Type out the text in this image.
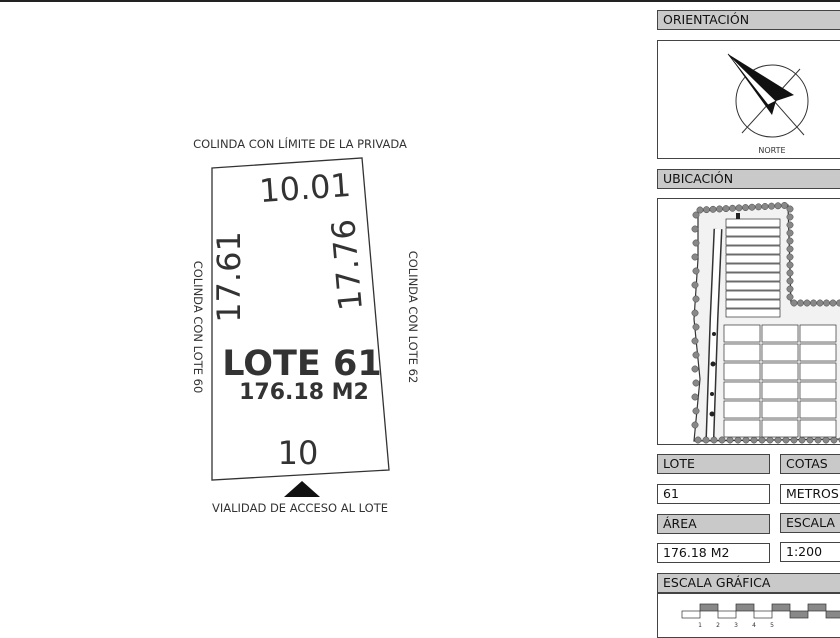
COLINDA CON LÍMITE DE LA PRIVADA
10.01
17.61 17.76
COLINDA CON LOTE 60	COLINDA CON LOTE 62
LOTE 61
176.18 M2
10
VIALIDAD DE ACCESO AL LOTE
ORIENTACIÓN
NORTE
UBICACIÓN
LOTE	COTAS
61	METROS
ÁREA	ESCALA
176.18 M2	1:200
ESCALA GRÁFICA
1 2 3 4 5
